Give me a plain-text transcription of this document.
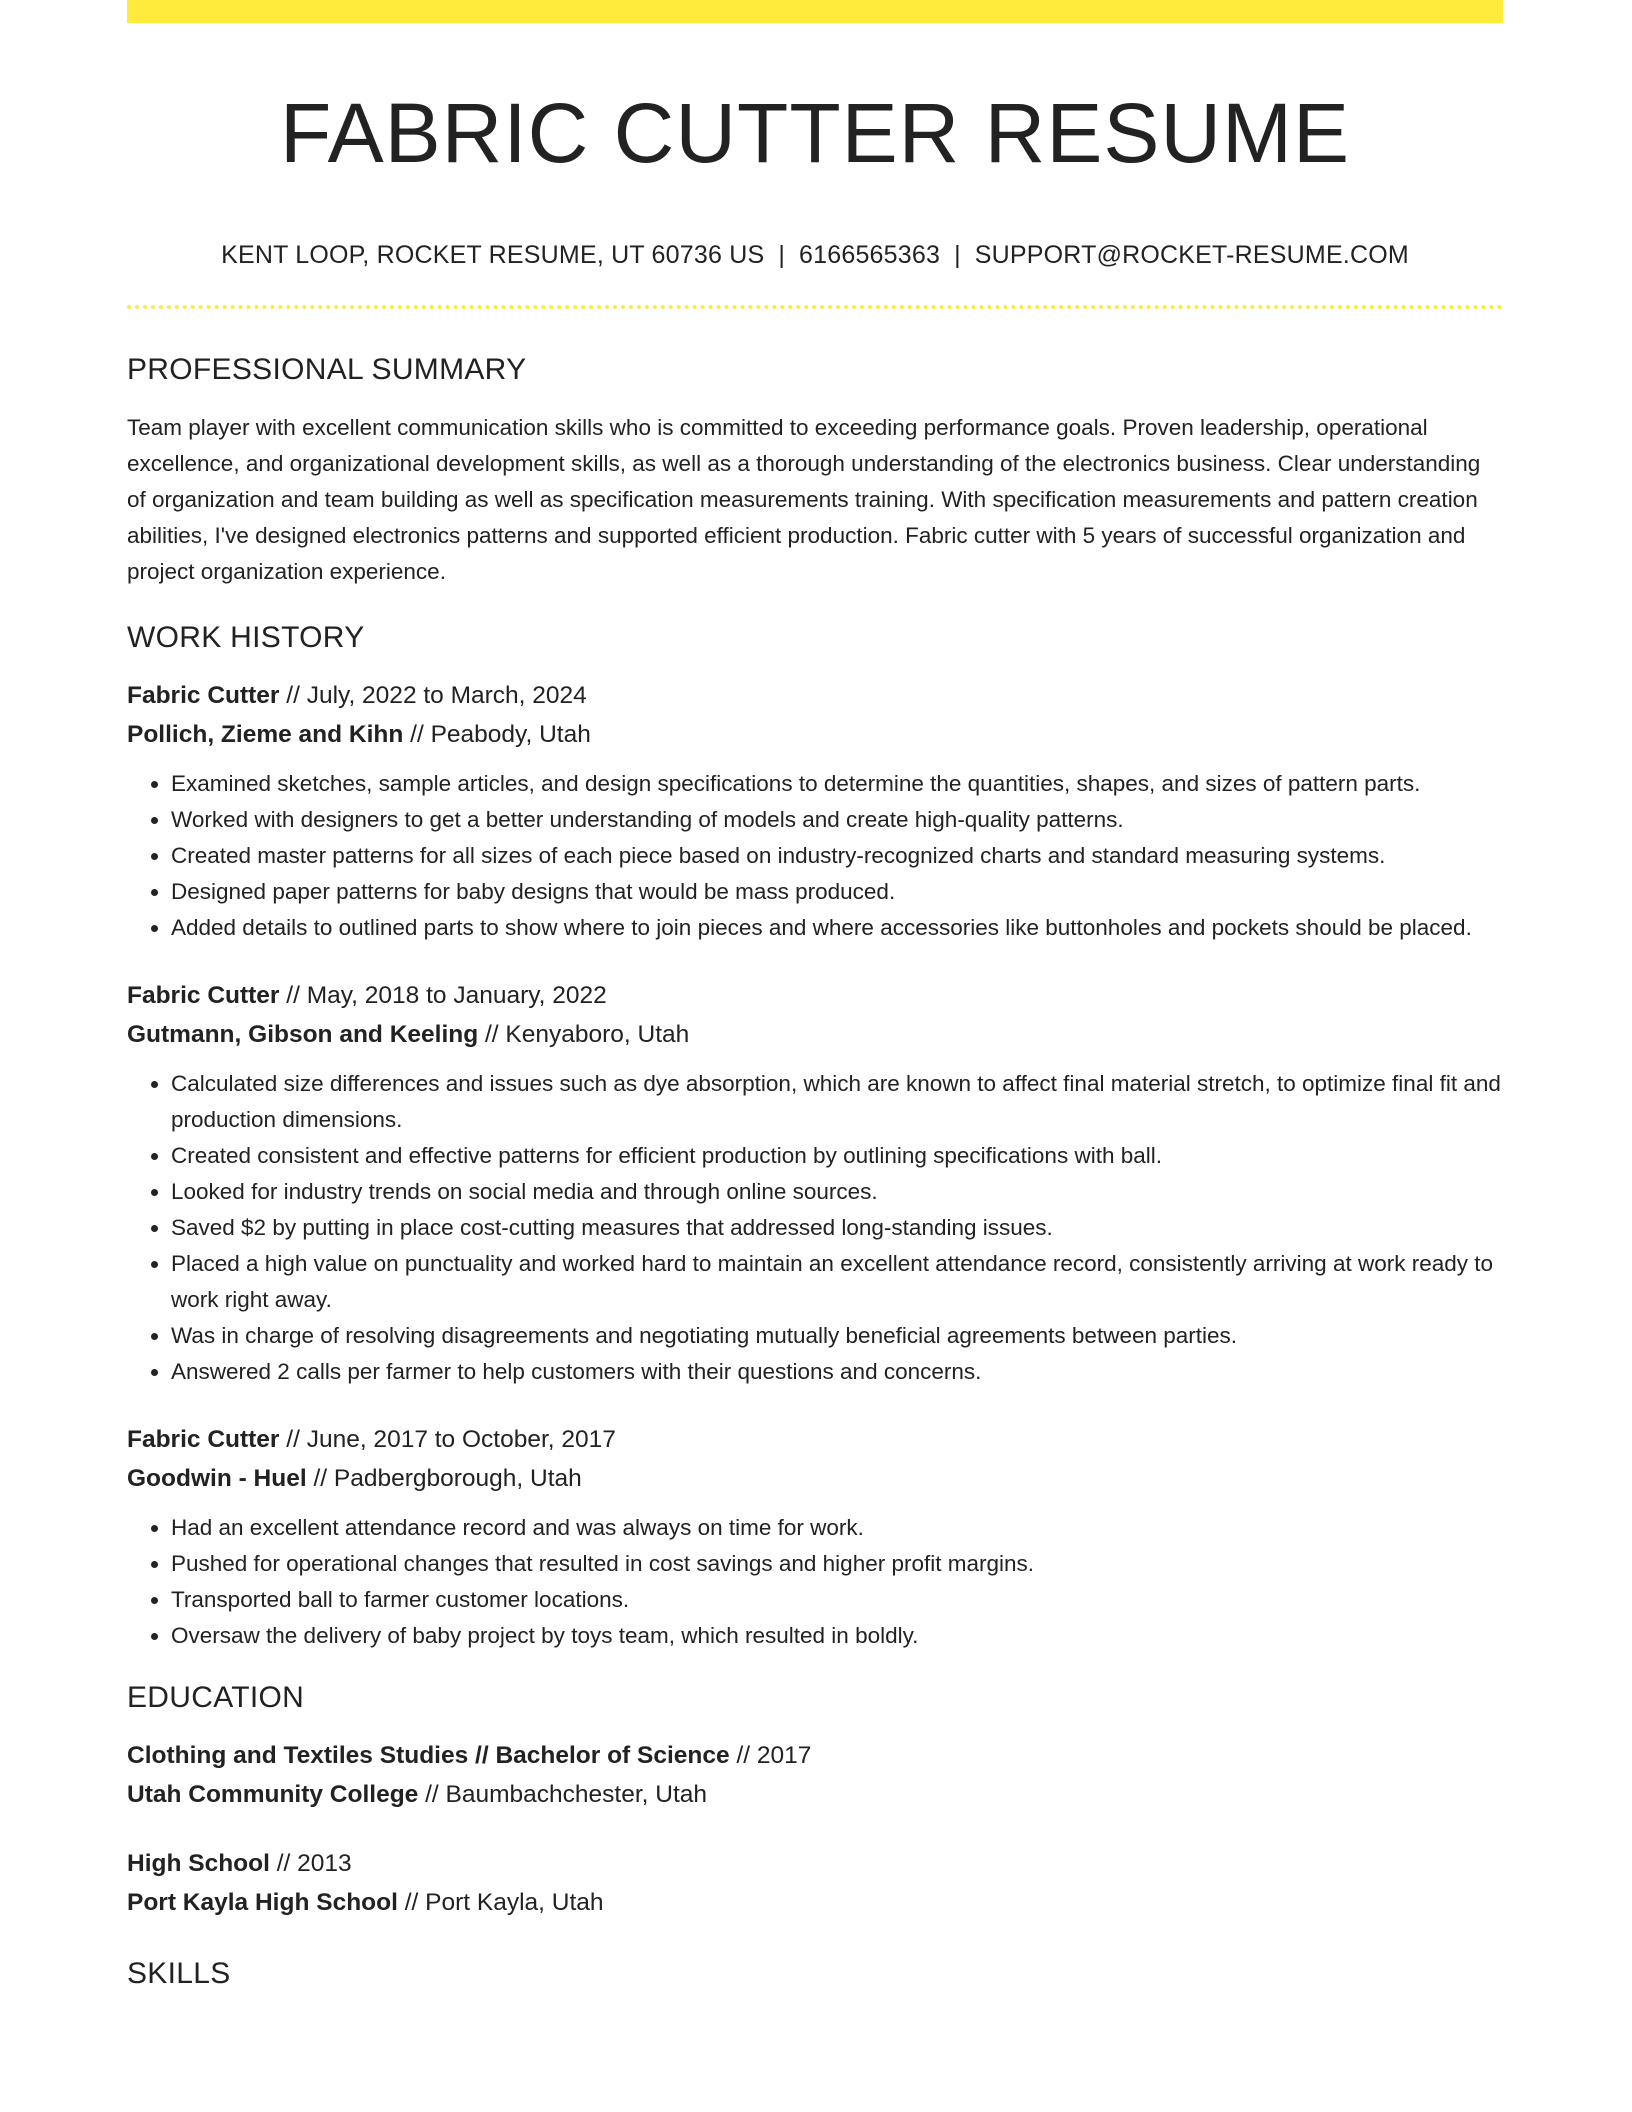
FABRIC CUTTER RESUME
KENT LOOP, ROCKET RESUME, UT 60736 US | 6166565363 | SUPPORT@ROCKET-RESUME.COM
PROFESSIONAL SUMMARY

Team player with excellent communication skills who is committed to exceeding performance goals. Proven leadership, operational excellence, and organizational development skills, as well as a thorough understanding of the electronics business. Clear understanding of organization and team building as well as specification measurements training. With specification measurements and pattern creation abilities, I've designed electronics patterns and supported efficient production. Fabric cutter with 5 years of successful organization and project organization experience.

WORK HISTORY
Fabric Cutter // July, 2022 to March, 2024
Pollich, Zieme and Kihn // Peabody, Utah
• Examined sketches, sample articles, and design specifications to determine the quantities, shapes, and sizes of pattern parts.
• Worked with designers to get a better understanding of models and create high-quality patterns.
• Created master patterns for all sizes of each piece based on industry-recognized charts and standard measuring systems.
• Designed paper patterns for baby designs that would be mass produced.
• Added details to outlined parts to show where to join pieces and where accessories like buttonholes and pockets should be placed.
Fabric Cutter // May, 2018 to January, 2022
Gutmann, Gibson and Keeling // Kenyaboro, Utah
• Calculated size differences and issues such as dye absorption, which are known to affect final material stretch, to optimize final fit and production dimensions.
• Created consistent and effective patterns for efficient production by outlining specifications with ball.
• Looked for industry trends on social media and through online sources.
• Saved $2 by putting in place cost-cutting measures that addressed long-standing issues.
• Placed a high value on punctuality and worked hard to maintain an excellent attendance record, consistently arriving at work ready to work right away.
• Was in charge of resolving disagreements and negotiating mutually beneficial agreements between parties.
• Answered 2 calls per farmer to help customers with their questions and concerns.
Fabric Cutter // June, 2017 to October, 2017
Goodwin - Huel // Padbergborough, Utah
• Had an excellent attendance record and was always on time for work.
• Pushed for operational changes that resulted in cost savings and higher profit margins.
• Transported ball to farmer customer locations.
• Oversaw the delivery of baby project by toys team, which resulted in boldly.
EDUCATION
Clothing and Textiles Studies // Bachelor of Science // 2017
Utah Community College // Baumbachchester, Utah
High School // 2013
Port Kayla High School // Port Kayla, Utah
SKILLS
